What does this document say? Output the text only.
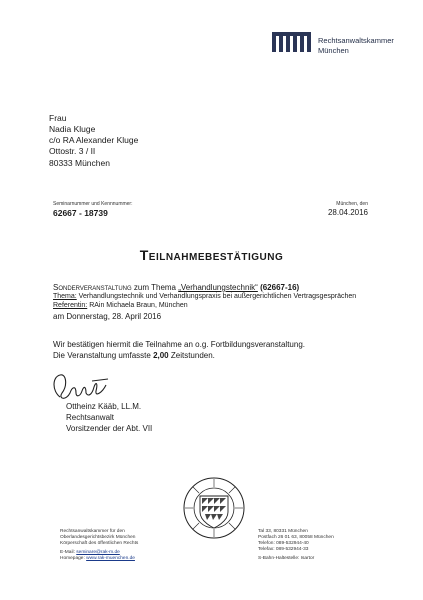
Rechtsanwaltskammer
München
Frau
Nadia Kluge
c/o RA Alexander Kluge
Ottostr. 3 / II
80333 München
Seminarnummer und Kennnummer:
62667 - 18739
München, den
28.04.2016
Teilnahmebestätigung
Sonderveranstaltung zum Thema „Verhandlungstechnik“ (62667-16)
Thema: Verhandlungstechnik und Verhandlungspraxis bei außergerichtlichen Vertragsgesprächen
Referentin: RAin Michaela Braun, München
am Donnerstag, 28. April 2016
Wir bestätigen hiermit die Teilnahme an o.g. Fortbildungsveranstaltung.
Die Veranstaltung umfasste 2,00 Zeitstunden.
Ottheinz Kääb, LL.M.
Rechtsanwalt
Vorsitzender der Abt. VII
Rechtsanwaltskammer für den
Oberlandesgerichtsbezirk München
Körperschaft des öffentlichen Rechts
E-Mail: seminare@rak-m.de
Homepage: www.rak-muenchen.de
Tal 33, 80331 München
Postfach 26 01 63, 80058 München
Telefon: 089-532944-40
Telefax: 089-532944-33
S-Bahn-Haltestelle: Isartor
